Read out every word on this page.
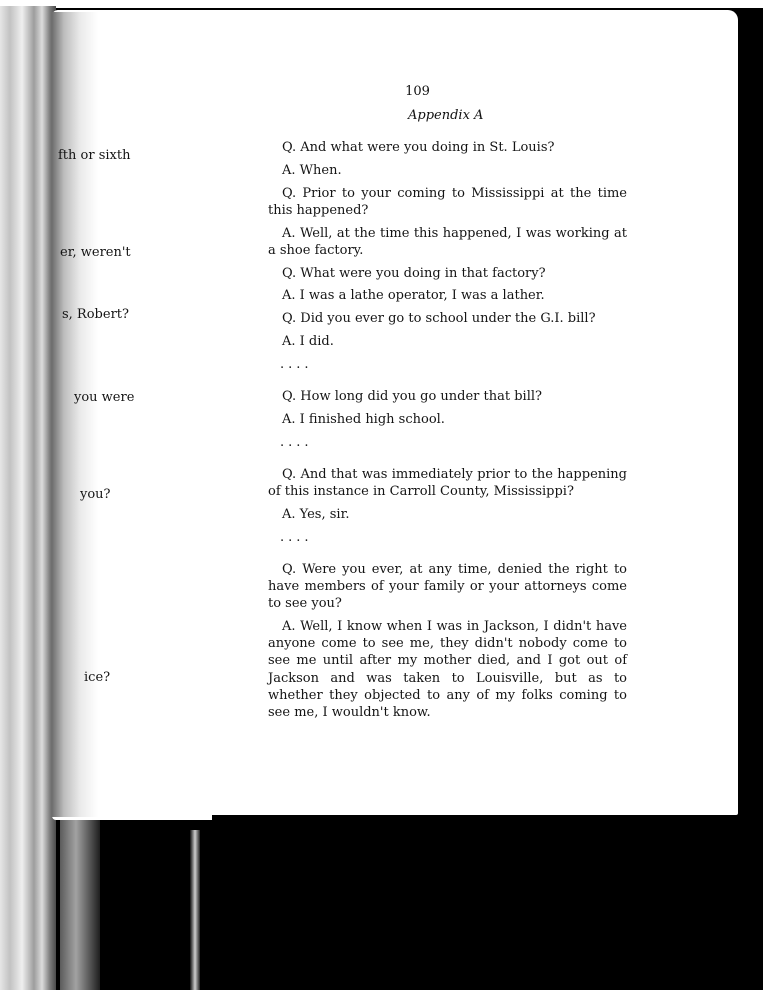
fth or sixth
er, weren't
s, Robert?
you were
you?
ice?
109
Appendix A

Q. And what were you doing in St. Louis?

A. When.

Q. Prior to your coming to Mississippi at the time this happened?

A. Well, at the time this happened, I was working at a shoe factory.

Q. What were you doing in that factory?

A. I was a lathe operator, I was a lather.

Q. Did you ever go to school under the G.I. bill?

A. I did.

....

Q. How long did you go under that bill?

A. I finished high school.

....

Q. And that was immediately prior to the happening of this instance in Carroll County, Mississippi?

A. Yes, sir.

....

Q. Were you ever, at any time, denied the right to have members of your family or your attorneys come to see you?

A. Well, I know when I was in Jackson, I didn't have anyone come to see me, they didn't nobody come to see me until after my mother died, and I got out of Jackson and was taken to Louisville, but as to whether they objected to any of my folks coming to see me, I wouldn't know.
